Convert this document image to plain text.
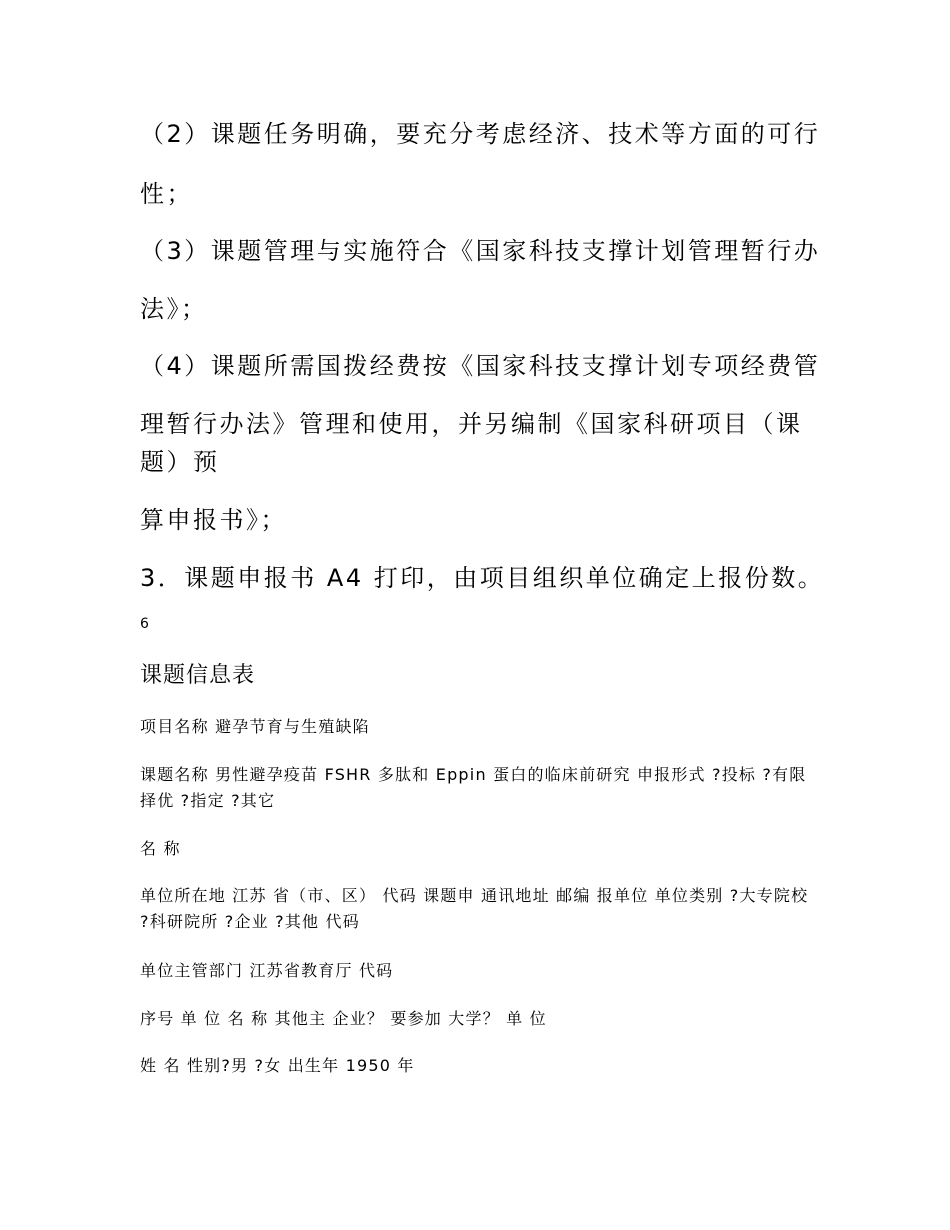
（2）课题任务明确，要充分考虑经济、技术等方面的可行
性；
（3）课题管理与实施符合《国家科技支撑计划管理暂行办
法》；
（4）课题所需国拨经费按《国家科技支撑计划专项经费管
理暂行办法》管理和使用，并另编制《国家科研项目（课题）预
算申报书》；
3．课题申报书 A4 打印，由项目组织单位确定上报份数。
6
课题信息表
项目名称 避孕节育与生殖缺陷
课题名称 男性避孕疫苗 FSHR 多肽和 Eppin 蛋白的临床前研究 申报形式 ?投标 ?有限择优 ?指定 ?其它
名 称
单位所在地 江苏 省（市、区） 代码 课题申 通讯地址 邮编 报单位 单位类别 ?大专院校 ?科研院所 ?企业 ?其他 代码
单位主管部门 江苏省教育厅 代码
序号 单 位 名 称 其他主 企业？ 要参加 大学？ 单 位
姓 名 性别?男 ?女 出生年 1950 年
